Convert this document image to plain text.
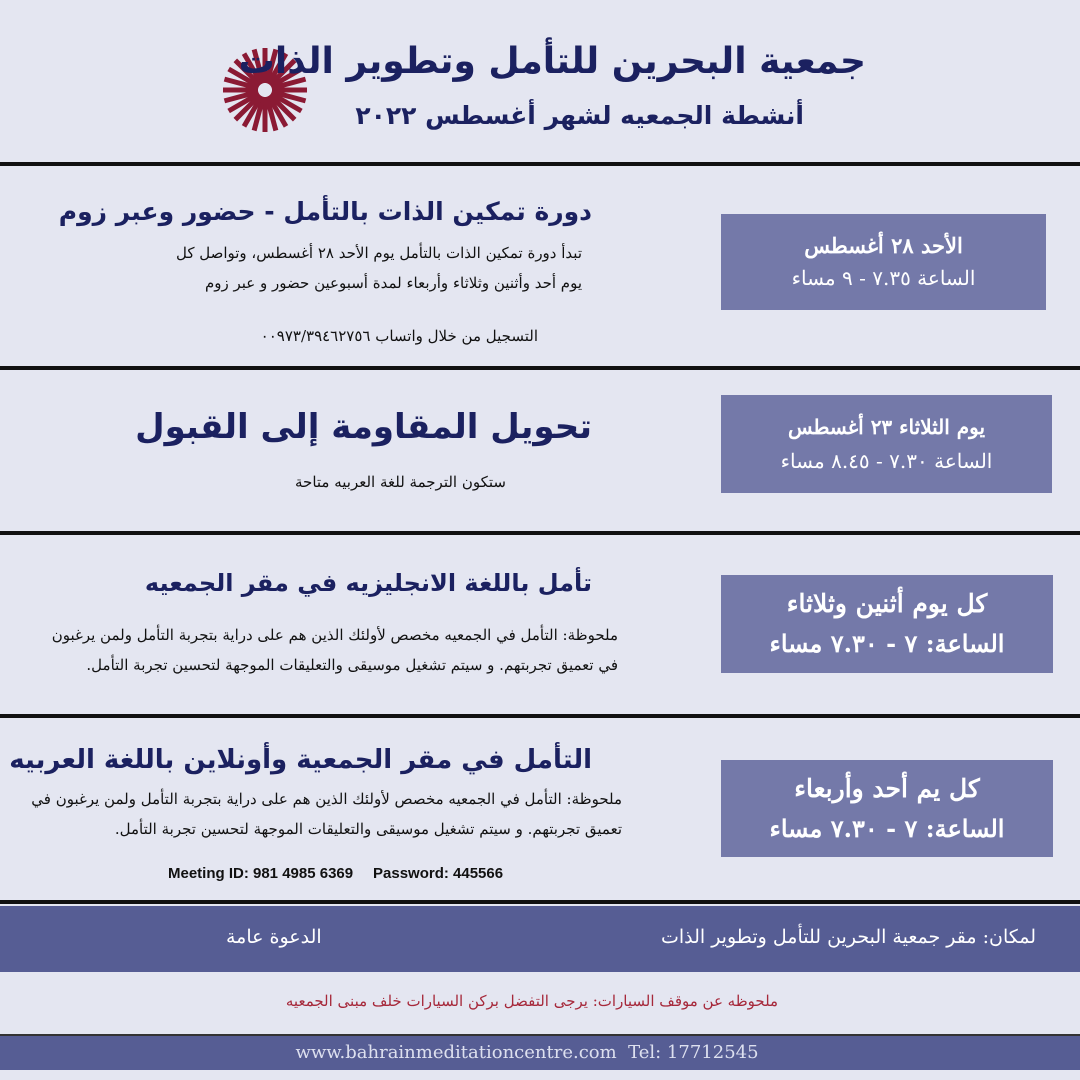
جمعية البحرين للتأمل وتطوير الذات
أنشطة الجمعيه لشهر أغسطس ٢٠٢٢
دورة تمكين الذات بالتأمل - حضور وعبر زوم
تبدأ دورة تمكين الذات بالتأمل يوم الأحد ٢٨ أغسطس، وتواصل كل
يوم أحد وأثنين وثلاثاء وأربعاء لمدة أسبوعين حضور و عبر زوم
التسجيل من خلال واتساب ٠٠٩٧٣/٣٩٤٦٢٧٥٦
الأحد ٢٨ أغسطس
الساعة ٧.٣٥ - ٩ مساء
تحويل المقاومة إلى القبول
ستكون الترجمة للغة العربيه متاحة
يوم الثلاثاء ٢٣ أغسطس
الساعة ٧.٣٠ - ٨.٤٥ مساء
تأمل باللغة الانجليزيه في مقر الجمعيه
ملحوظة: التأمل في الجمعيه مخصص لأولئك الذين هم على دراية بتجربة التأمل ولمن يرغبون
في تعميق تجربتهم. و سيتم تشغيل موسيقى والتعليقات الموجهة لتحسين تجربة التأمل.
كل يوم أثنين وثلاثاء
الساعة: ٧ - ٧.٣٠ مساء
التأمل في مقر الجمعية وأونلاين باللغة العربيه
ملحوظة: التأمل في الجمعيه مخصص لأولئك الذين هم على دراية بتجربة التأمل ولمن يرغبون في
تعميق تجربتهم. و سيتم تشغيل موسيقى والتعليقات الموجهة لتحسين تجربة التأمل.
Meeting ID: 981 4985 6369 Password: 445566
كل يم أحد وأربعاء
الساعة: ٧ - ٧.٣٠ مساء
لمكان: مقر جمعية البحرين للتأمل وتطوير الذات
الدعوة عامة
ملحوظه عن موقف السيارات: يرجى التفضل بركن السيارات خلف مبنى الجمعيه
www.bahrainmeditationcentre.com  Tel: 17712545
